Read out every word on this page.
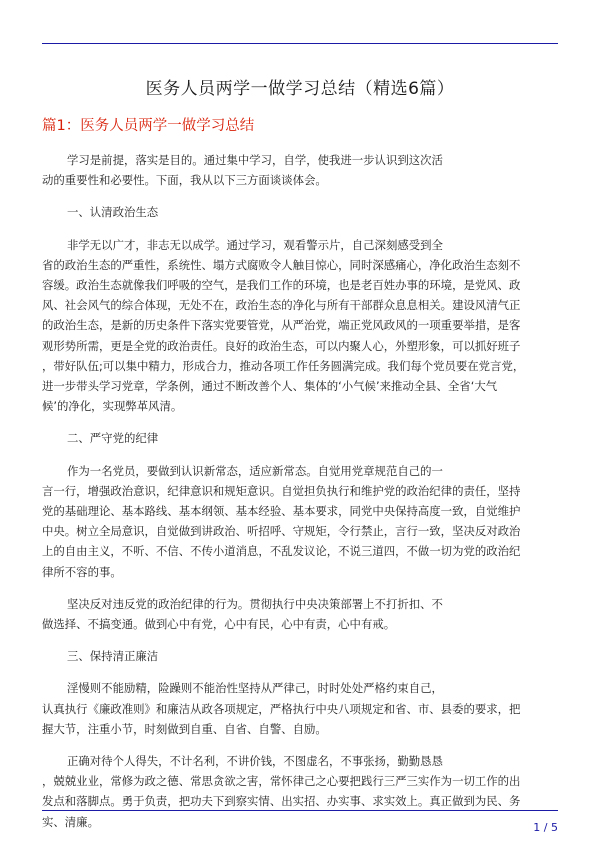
医务人员两学一做学习总结（精选6篇）
篇1：医务人员两学一做学习总结

学习是前提，落实是目的。通过集中学习，自学，使我进一步认识到这次活
动的重要性和必要性。下面，我从以下三方面谈谈体会。

一、认清政治生态

非学无以广才，非志无以成学。通过学习，观看警示片，自己深刻感受到全
省的政治生态的严重性，系统性、塌方式腐败令人触目惊心，同时深感痛心，净化政治生态刻不
容缓。政治生态就像我们呼吸的空气，是我们工作的环境，也是老百姓办事的环境，是党风、政
风、社会风气的综合体现，无处不在，政治生态的净化与所有干部群众息息相关。建设风清气正
的政治生态，是新的历史条件下落实党要管党，从严治党，端正党风政风的一项重要举措，是客
观形势所需，更是全党的政治责任。良好的政治生态，可以内聚人心，外塑形象，可以抓好班子
，带好队伍;可以集中精力，形成合力，推动各项工作任务圆满完成。我们每个党员要在党言党，
进一步带头学习党章，学条例，通过不断改善个人、集体的‘小气候’来推动全县、全省‘大气
候’的净化，实现弊革风清。

二、严守党的纪律

作为一名党员，要做到认识新常态，适应新常态。自觉用党章规范自己的一
言一行，增强政治意识，纪律意识和规矩意识。自觉担负执行和维护党的政治纪律的责任，坚持
党的基础理论、基本路线、基本纲领、基本经验、基本要求，同党中央保持高度一致，自觉维护
中央。树立全局意识，自觉做到讲政治、听招呼、守规矩，令行禁止，言行一致，坚决反对政治
上的自由主义，不听、不信、不传小道消息，不乱发议论，不说三道四，不做一切为党的政治纪
律所不容的事。

坚决反对违反党的政治纪律的行为。贯彻执行中央决策部署上不打折扣、不
做选择、不搞变通。做到心中有党，心中有民，心中有责，心中有戒。

三、保持清正廉洁

淫慢则不能励精，险躁则不能治性坚持从严律己，时时处处严格约束自己，
认真执行《廉政准则》和廉洁从政各项规定，严格执行中央八项规定和省、市、县委的要求，把
握大节，注重小节，时刻做到自重、自省、自警、自励。

正确对待个人得失，不计名利，不讲价钱，不图虚名，不事张扬，勤勤恳恳
，兢兢业业，常修为政之德、常思贪欲之害，常怀律己之心要把践行三严三实作为一切工作的出
发点和落脚点。勇于负责，把功夫下到察实情、出实招、办实事、求实效上。真正做到为民、务
实、清廉。	1 / 5
